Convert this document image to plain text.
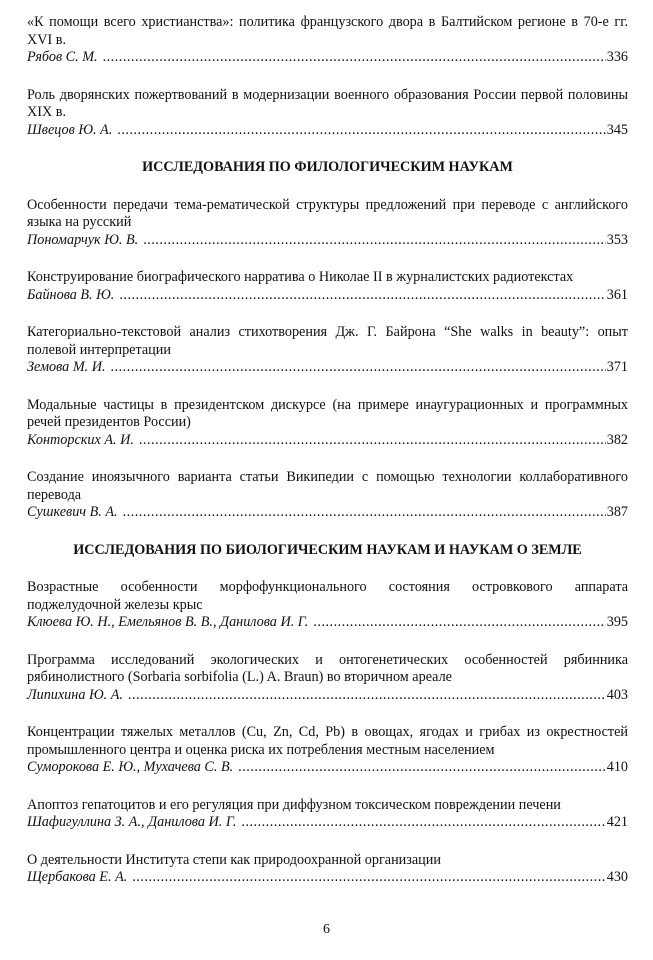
«К помощи всего христианства»: политика французского двора в Балтийском регионе в 70-е гг. XVI в.
Рябов С. М. .....	336
Роль дворянских пожертвований в модернизации военного образования России первой половины XIX в.
Швецов Ю. А. .....	345
ИССЛЕДОВАНИЯ ПО ФИЛОЛОГИЧЕСКИМ НАУКАМ
Особенности передачи тема-рематической структуры предложений при переводе с английского языка на русский
Пономарчук Ю. В. .....	353
Конструирование биографического нарратива о Николае II в журналистских радиотекстах
Байнова В. Ю. .....	361
Категориально-текстовой анализ стихотворения Дж. Г. Байрона “She walks in beauty”: опыт полевой интерпретации
Земова М. И. .....	371
Модальные частицы в президентском дискурсе (на примере инаугурационных и программных речей президентов России)
Конторских А. И. .....	382
Создание иноязычного варианта статьи Википедии с помощью технологии коллаборативного перевода
Сушкевич В. А. .....	387
ИССЛЕДОВАНИЯ ПО БИОЛОГИЧЕСКИМ НАУКАМ И НАУКАМ О ЗЕМЛЕ
Возрастные особенности морфофункционального состояния островкового аппарата поджелудочной железы крыс
Клюева Ю. Н., Емельянов В. В., Данилова И. Г. .....	395
Программа исследований экологических и онтогенетических особенностей рябинника рябинолистного (Sorbaria sorbifolia (L.) A. Braun) во вторичном ареале
Липихина Ю. А. .....	403
Концентрации тяжелых металлов (Cu, Zn, Cd, Pb) в овощах, ягодах и грибах из окрестностей промышленного центра и оценка риска их потребления местным населением
Суморокова Е. Ю., Мухачева С. В. .....	410
Апоптоз гепатоцитов и его регуляция при диффузном токсическом повреждении печени
Шафигуллина З. А., Данилова И. Г. .....	421
О деятельности Института степи как природоохранной организации
Щербакова Е. А. .....	430
6
